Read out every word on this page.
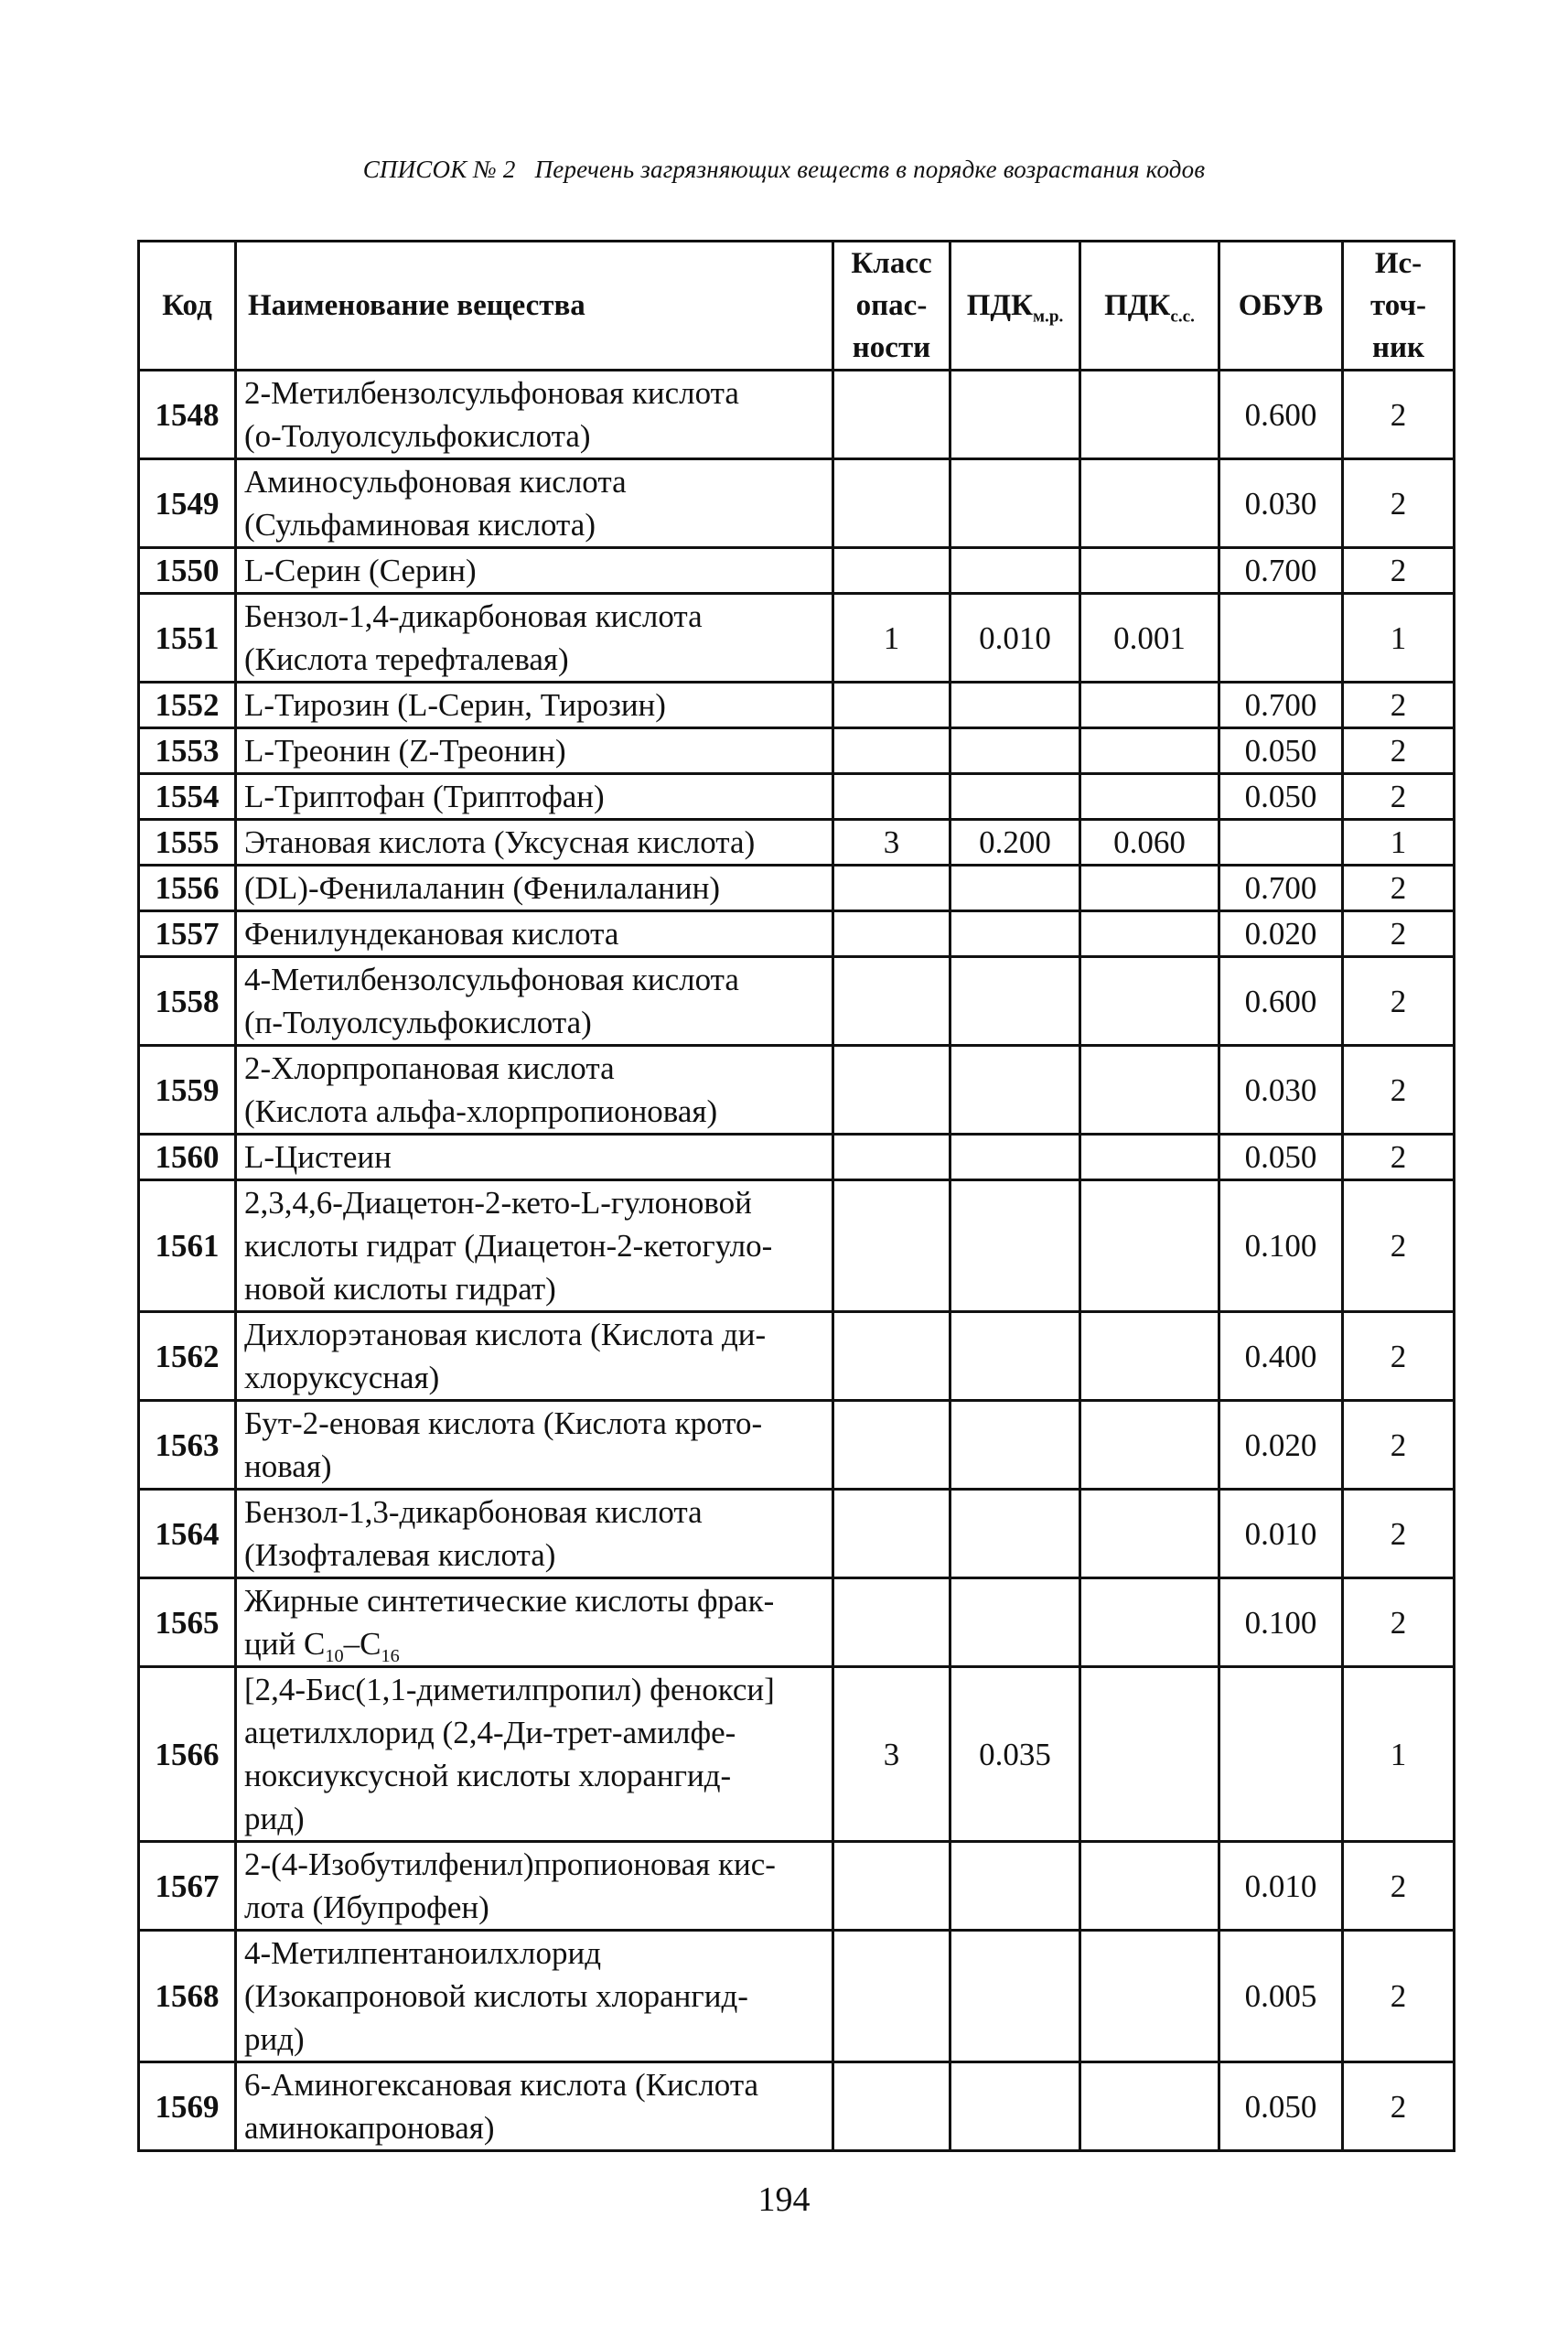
СПИСОК № 2 Перечень загрязняющих веществ в порядке возрастания кодов
Код	Наименование вещества	Класс
опас-
ности	$ПДК_{м.р.}$	$ПДК_{с.с.}$	ОБУВ	Ис-
точ-
ник

1548	2-Метилбензолсульфоновая кислота
(о-Толуолсульфокислота)				0.600	2
1549	Аминосульфоновая кислота
(Сульфаминовая кислота)				0.030	2
1550	L-Серин (Серин)				0.700	2
1551	Бензол-1,4-дикарбоновая кислота
(Кислота терефталевая)	1	0.010	0.001		1
1552	L-Тирозин (L-Серин, Тирозин)				0.700	2
1553	L-Треонин (Z-Треонин)				0.050	2
1554	L-Триптофан (Триптофан)				0.050	2
1555	Этановая кислота (Уксусная кислота)	3	0.200	0.060		1
1556	(DL)-Фенилаланин (Фенилаланин)				0.700	2
1557	Фенилундекановая кислота				0.020	2
1558	4-Метилбензолсульфоновая кислота
(п-Толуолсульфокислота)				0.600	2
1559	2-Хлорпропановая кислота
(Кислота альфа-хлорпропионовая)				0.030	2
1560	L-Цистеин				0.050	2
1561	2,3,4,6-Диацетон-2-кето-L-гулоновой
кислоты гидрат (Диацетон-2-кетогуло-
новой кислоты гидрат)				0.100	2
1562	Дихлорэтановая кислота (Кислота ди-
хлоруксусная)				0.400	2
1563	Бут-2-еновая кислота (Кислота крото-
новая)				0.020	2
1564	Бензол-1,3-дикарбоновая кислота
(Изофталевая кислота)				0.010	2
1565	Жирные синтетические кислоты фрак-
ций $C_{10}-C_{16}$				0.100	2
1566	[2,4-Бис(1,1-диметилпропил) фенокси]
ацетилхлорид (2,4-Ди-трет-амилфе-
ноксиуксусной кислоты хлорангид-
рид)	3	0.035			1
1567	2-(4-Изобутилфенил)пропионовая кис-
лота (Ибупрофен)				0.010	2
1568	4-Метилпентаноилхлорид
(Изокапроновой кислоты хлорангид-
рид)				0.005	2
1569	6-Аминогексановая кислота (Кислота
аминокапроновая)				0.050	2
194
